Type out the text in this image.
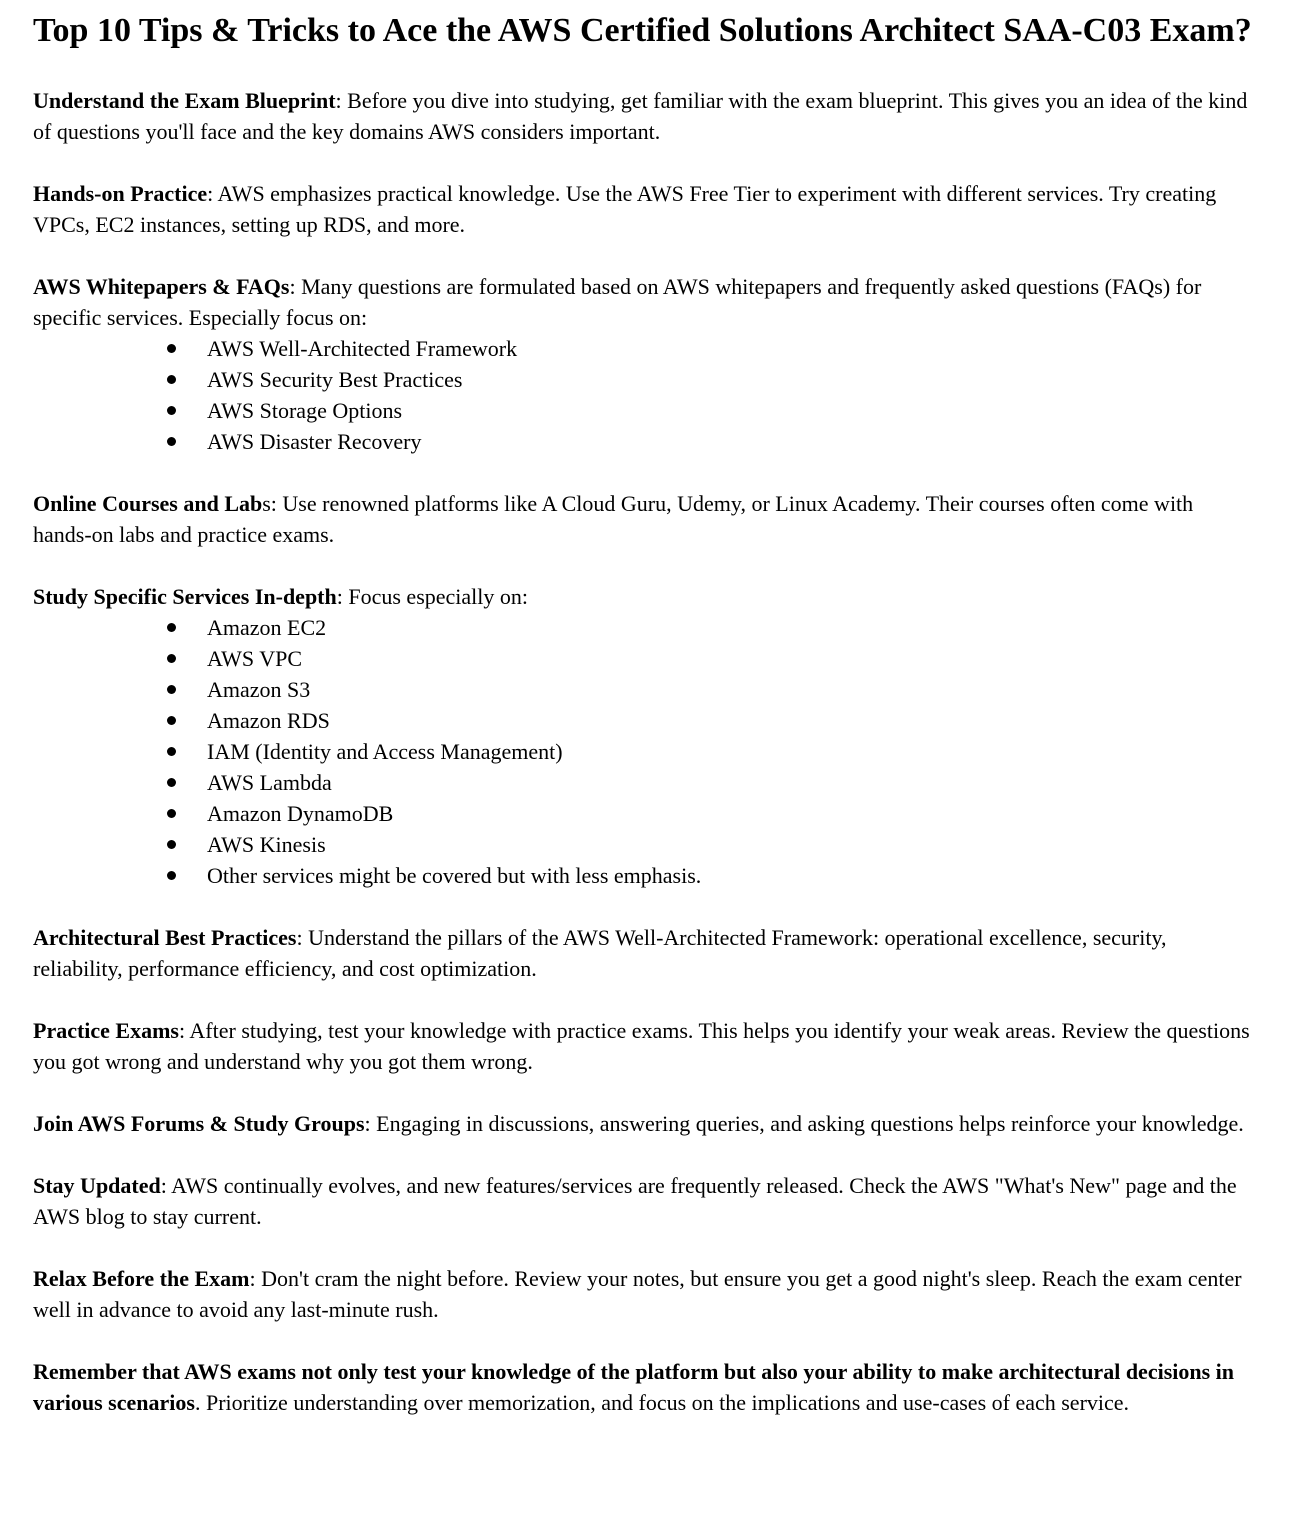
Top 10 Tips & Tricks to Ace the AWS Certified Solutions Architect SAA-C03 Exam?

Understand the Exam Blueprint: Before you dive into studying, get familiar with the exam blueprint. This gives you an idea of the kind of questions you'll face and the key domains AWS considers important.

Hands-on Practice: AWS emphasizes practical knowledge. Use the AWS Free Tier to experiment with different services. Try creating VPCs, EC2 instances, setting up RDS, and more.

AWS Whitepapers & FAQs: Many questions are formulated based on AWS whitepapers and frequently asked questions (FAQs) for specific services. Especially focus on:

AWS Well-Architected Framework
AWS Security Best Practices
AWS Storage Options
AWS Disaster Recovery

Online Courses and Labs: Use renowned platforms like A Cloud Guru, Udemy, or Linux Academy. Their courses often come with hands-on labs and practice exams.

Study Specific Services In-depth: Focus especially on:

Amazon EC2
AWS VPC
Amazon S3
Amazon RDS
IAM (Identity and Access Management)
AWS Lambda
Amazon DynamoDB
AWS Kinesis
Other services might be covered but with less emphasis.

Architectural Best Practices: Understand the pillars of the AWS Well-Architected Framework: operational excellence, security, reliability, performance efficiency, and cost optimization.

Practice Exams: After studying, test your knowledge with practice exams. This helps you identify your weak areas. Review the questions you got wrong and understand why you got them wrong.

Join AWS Forums & Study Groups: Engaging in discussions, answering queries, and asking questions helps reinforce your knowledge.

Stay Updated: AWS continually evolves, and new features/services are frequently released. Check the AWS "What's New" page and the AWS blog to stay current.

Relax Before the Exam: Don't cram the night before. Review your notes, but ensure you get a good night's sleep. Reach the exam center well in advance to avoid any last-minute rush.

Remember that AWS exams not only test your knowledge of the platform but also your ability to make architectural decisions in various scenarios. Prioritize understanding over memorization, and focus on the implications and use-cases of each service.
